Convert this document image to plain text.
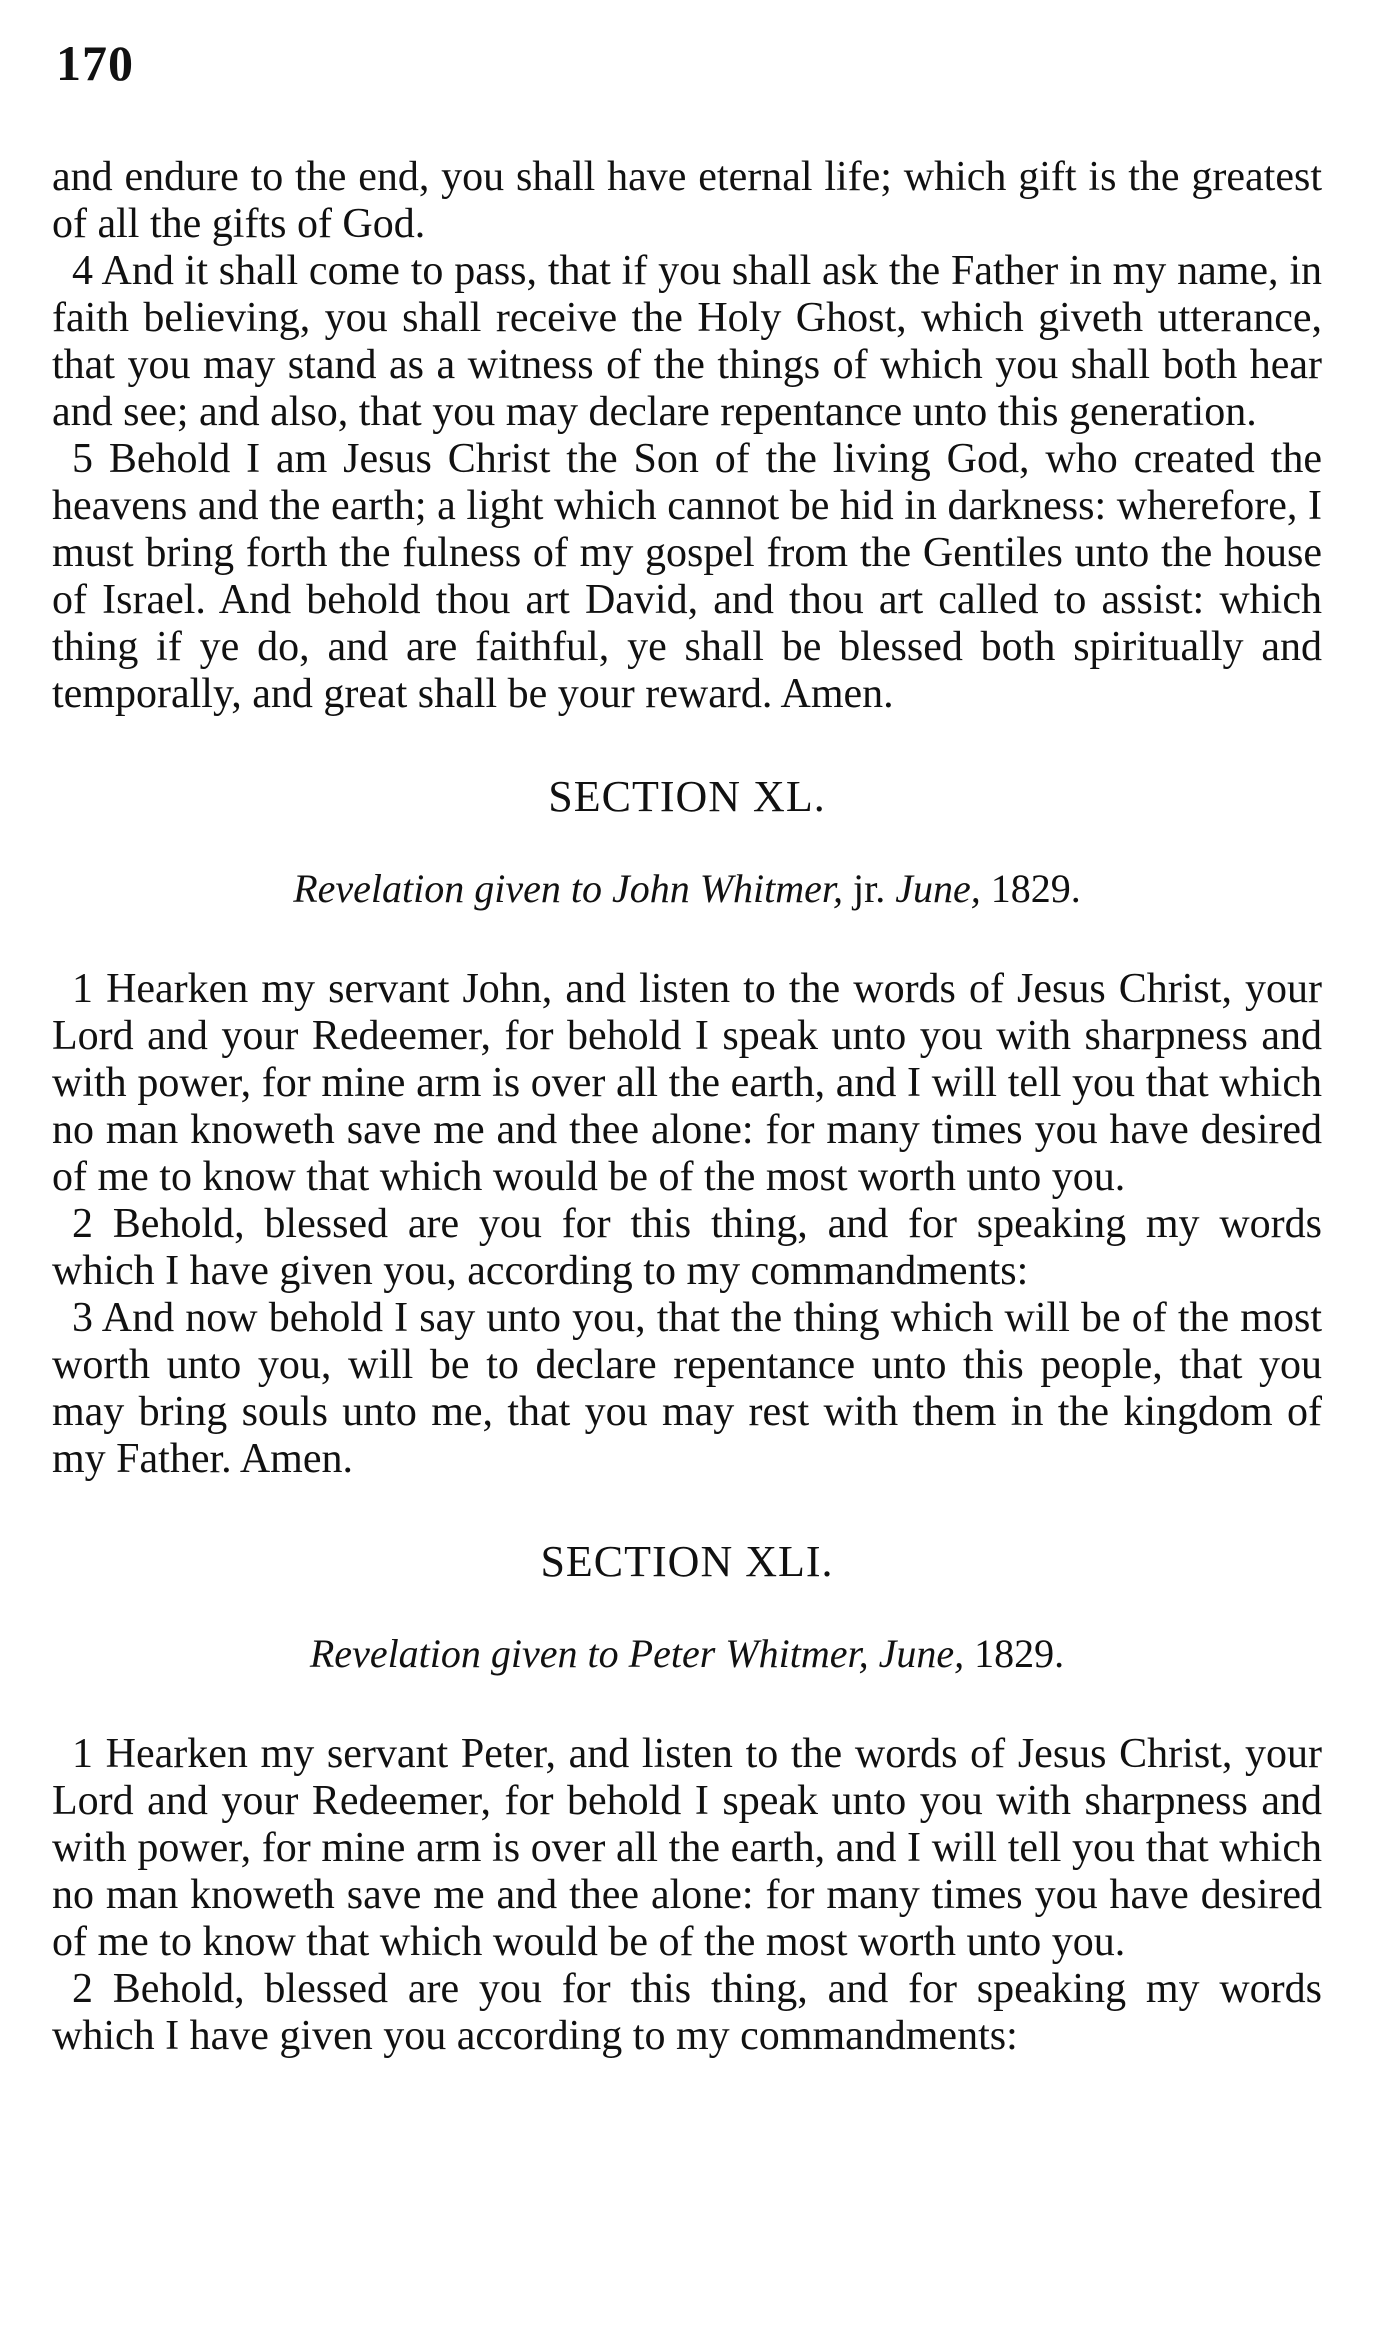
170

and endure to the end, you shall have eternal life; which gift is the greatest of all the gifts of God.

4 And it shall come to pass, that if you shall ask the Father in my name, in faith believing, you shall receive the Holy Ghost, which giveth utterance, that you may stand as a witness of the things of which you shall both hear and see; and also, that you may declare repentance unto this generation.

5 Behold I am Jesus Christ the Son of the living God, who created the heavens and the earth; a light which cannot be hid in darkness: wherefore, I must bring forth the fulness of my gospel from the Gentiles unto the house of Israel. And behold thou art David, and thou art called to assist: which thing if ye do, and are faithful, ye shall be blessed both spiritually and temporally, and great shall be your reward. Amen.

SECTION XL.
Revelation given to John Whitmer, jr. June, 1829.

1 Hearken my servant John, and listen to the words of Jesus Christ, your Lord and your Redeemer, for behold I speak unto you with sharpness and with power, for mine arm is over all the earth, and I will tell you that which no man knoweth save me and thee alone: for many times you have desired of me to know that which would be of the most worth unto you.

2 Behold, blessed are you for this thing, and for speaking my words which I have given you, according to my commandments:

3 And now behold I say unto you, that the thing which will be of the most worth unto you, will be to declare repentance unto this people, that you may bring souls unto me, that you may rest with them in the kingdom of my Father. Amen.

SECTION XLI.
Revelation given to Peter Whitmer, June, 1829.

1 Hearken my servant Peter, and listen to the words of Jesus Christ, your Lord and your Redeemer, for behold I speak unto you with sharpness and with power, for mine arm is over all the earth, and I will tell you that which no man knoweth save me and thee alone: for many times you have desired of me to know that which would be of the most worth unto you.

2 Behold, blessed are you for this thing, and for speaking my words which I have given you according to my commandments:
